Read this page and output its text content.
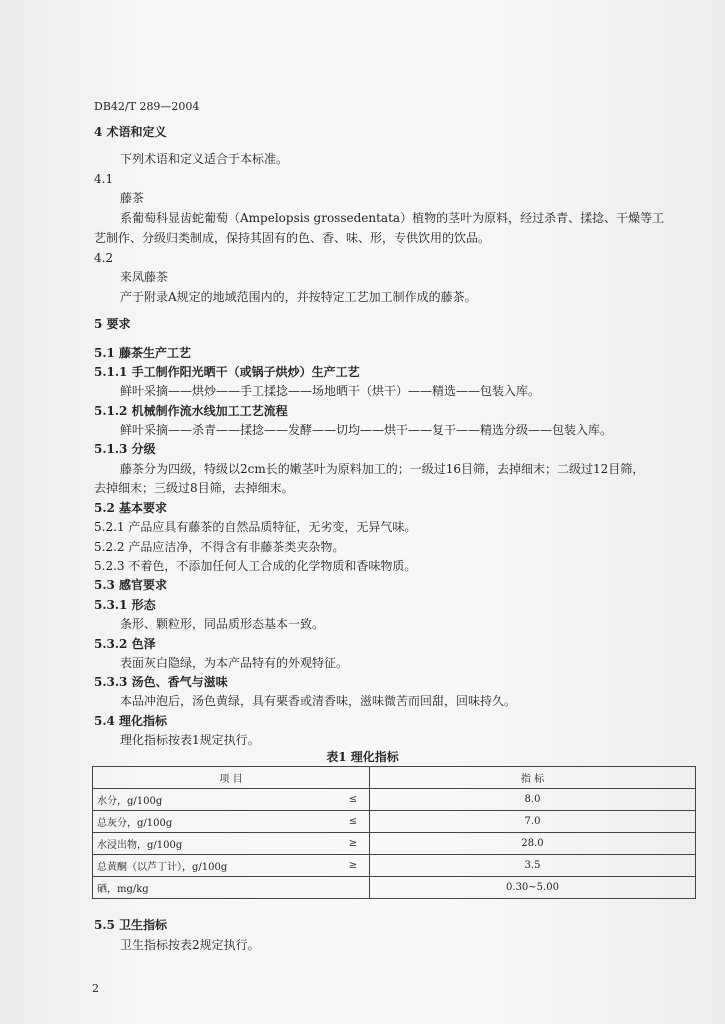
DB42/T 289—2004
4 术语和定义
下列术语和定义适合于本标准。
4.1
藤茶
系葡萄科显齿蛇葡萄（Ampelopsis grossedentata）植物的茎叶为原料，经过杀青、揉捻、干燥等工
艺制作、分级归类制成，保持其固有的色、香、味、形，专供饮用的饮品。
4.2
来凤藤茶
产于附录A规定的地域范围内的，并按特定工艺加工制作成的藤茶。
5 要求
5.1 藤茶生产工艺
5.1.1 手工制作阳光晒干（或锅子烘炒）生产工艺
鲜叶采摘——烘炒——手工揉捻——场地晒干（烘干）——精选——包装入库。
5.1.2 机械制作流水线加工工艺流程
鲜叶采摘——杀青——揉捻——发酵——切均——烘干——复干——精选分级——包装入库。
5.1.3 分级
藤茶分为四级，特级以2cm长的嫩茎叶为原料加工的；一级过16目筛，去掉细末；二级过12目筛，
去掉细末；三级过8目筛，去掉细末。
5.2 基本要求
5.2.1 产品应具有藤茶的自然品质特征，无劣变，无异气味。
5.2.2 产品应洁净，不得含有非藤茶类夹杂物。
5.2.3 不着色，不添加任何人工合成的化学物质和香味物质。
5.3 感官要求
5.3.1 形态
条形、颗粒形，同品质形态基本一致。
5.3.2 色泽
表面灰白隐绿，为本产品特有的外观特征。
5.3.3 汤色、香气与滋味
本品冲泡后，汤色黄绿，具有栗香或清香味，滋味微苦而回甜，回味持久。
5.4 理化指标
理化指标按表1规定执行。
表1 理化指标
项 目		指 标
水分，g/100g	≤	8.0
总灰分，g/100g	≤	7.0
水浸出物，g/100g	≥	28.0
总黄酮（以芦丁计），g/100g	≥	3.5
硒，mg/kg		0.30~5.00
5.5 卫生指标
卫生指标按表2规定执行。
2
